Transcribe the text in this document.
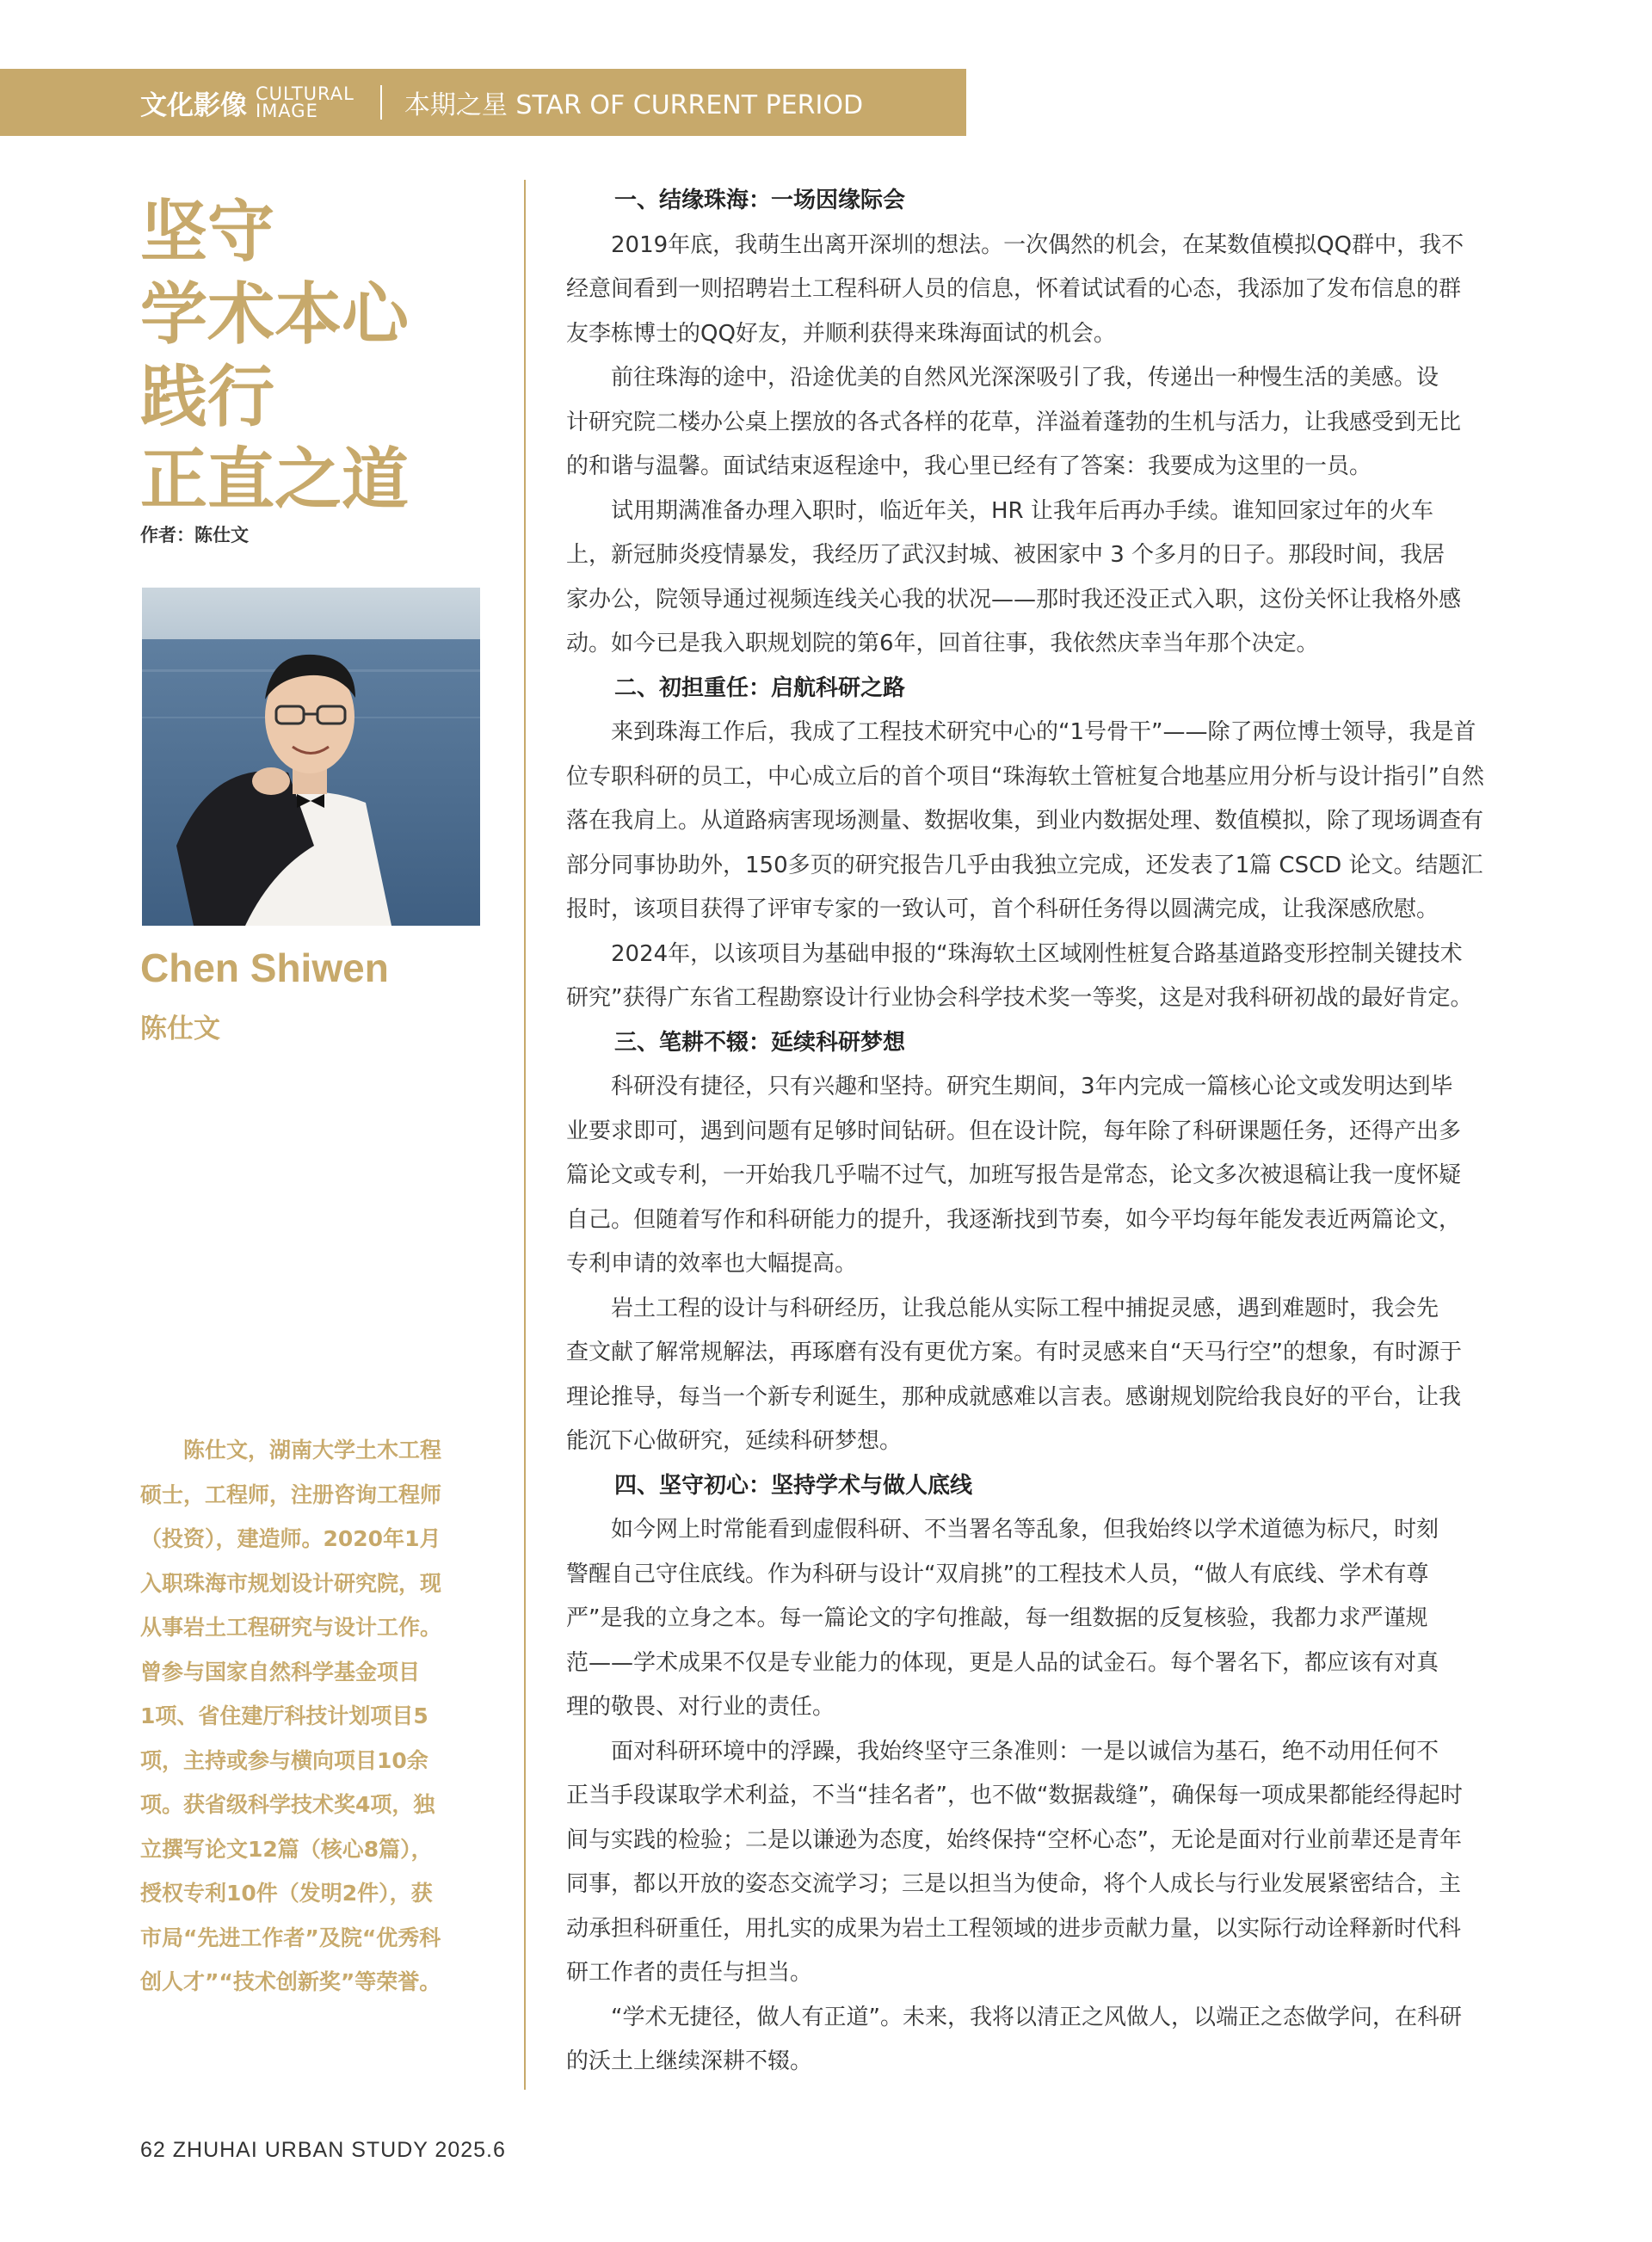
文化影像 CULTURAL
IMAGE	本期之星 STAR OF CURRENT PERIOD
坚守
学术本心
践行
正直之道
作者：陈仕文
Chen Shiwen
陈仕文
　　陈仕文，湖南大学土木工程
硕士，工程师，注册咨询工程师
（投资），建造师。2020年1月
入职珠海市规划设计研究院，现
从事岩土工程研究与设计工作。
曾参与国家自然科学基金项目
1项、省住建厅科技计划项目5
项，主持或参与横向项目10余
项。获省级科学技术奖4项，独
立撰写论文12篇（核心8篇），
授权专利10件（发明2件），获
市局“先进工作者”及院“优秀科
创人才”“技术创新奖”等荣誉。
一、结缘珠海：一场因缘际会
　　2019年底，我萌生出离开深圳的想法。一次偶然的机会，在某数值模拟QQ群中，我不
经意间看到一则招聘岩土工程科研人员的信息，怀着试试看的心态，我添加了发布信息的群
友李栋博士的QQ好友，并顺利获得来珠海面试的机会。
　　前往珠海的途中，沿途优美的自然风光深深吸引了我，传递出一种慢生活的美感。设
计研究院二楼办公桌上摆放的各式各样的花草，洋溢着蓬勃的生机与活力，让我感受到无比
的和谐与温馨。面试结束返程途中，我心里已经有了答案：我要成为这里的一员。
　　试用期满准备办理入职时，临近年关，HR 让我年后再办手续。谁知回家过年的火车
上，新冠肺炎疫情暴发，我经历了武汉封城、被困家中 3 个多月的日子。那段时间，我居
家办公，院领导通过视频连线关心我的状况——那时我还没正式入职，这份关怀让我格外感
动。如今已是我入职规划院的第6年，回首往事，我依然庆幸当年那个决定。
二、初担重任：启航科研之路
　　来到珠海工作后，我成了工程技术研究中心的“1号骨干”——除了两位博士领导，我是首
位专职科研的员工，中心成立后的首个项目“珠海软土管桩复合地基应用分析与设计指引”自然
落在我肩上。从道路病害现场测量、数据收集，到业内数据处理、数值模拟，除了现场调查有
部分同事协助外，150多页的研究报告几乎由我独立完成，还发表了1篇 CSCD 论文。结题汇
报时，该项目获得了评审专家的一致认可，首个科研任务得以圆满完成，让我深感欣慰。
　　2024年，以该项目为基础申报的“珠海软土区域刚性桩复合路基道路变形控制关键技术
研究”获得广东省工程勘察设计行业协会科学技术奖一等奖，这是对我科研初战的最好肯定。
三、笔耕不辍：延续科研梦想
　　科研没有捷径，只有兴趣和坚持。研究生期间，3年内完成一篇核心论文或发明达到毕
业要求即可，遇到问题有足够时间钻研。但在设计院，每年除了科研课题任务，还得产出多
篇论文或专利，一开始我几乎喘不过气，加班写报告是常态，论文多次被退稿让我一度怀疑
自己。但随着写作和科研能力的提升，我逐渐找到节奏，如今平均每年能发表近两篇论文，
专利申请的效率也大幅提高。
　　岩土工程的设计与科研经历，让我总能从实际工程中捕捉灵感，遇到难题时，我会先
查文献了解常规解法，再琢磨有没有更优方案。有时灵感来自“天马行空”的想象，有时源于
理论推导，每当一个新专利诞生，那种成就感难以言表。感谢规划院给我良好的平台，让我
能沉下心做研究，延续科研梦想。
四、坚守初心：坚持学术与做人底线
　　如今网上时常能看到虚假科研、不当署名等乱象，但我始终以学术道德为标尺，时刻
警醒自己守住底线。作为科研与设计“双肩挑”的工程技术人员，“做人有底线、学术有尊
严”是我的立身之本。每一篇论文的字句推敲，每一组数据的反复核验，我都力求严谨规
范——学术成果不仅是专业能力的体现，更是人品的试金石。每个署名下，都应该有对真
理的敬畏、对行业的责任。
　　面对科研环境中的浮躁，我始终坚守三条准则：一是以诚信为基石，绝不动用任何不
正当手段谋取学术利益，不当“挂名者”，也不做“数据裁缝”，确保每一项成果都能经得起时
间与实践的检验；二是以谦逊为态度，始终保持“空杯心态”，无论是面对行业前辈还是青年
同事，都以开放的姿态交流学习；三是以担当为使命，将个人成长与行业发展紧密结合，主
动承担科研重任，用扎实的成果为岩土工程领域的进步贡献力量，以实际行动诠释新时代科
研工作者的责任与担当。
　　“学术无捷径，做人有正道”。未来，我将以清正之风做人，以端正之态做学问，在科研
的沃土上继续深耕不辍。
62 ZHUHAI URBAN STUDY 2025.6
